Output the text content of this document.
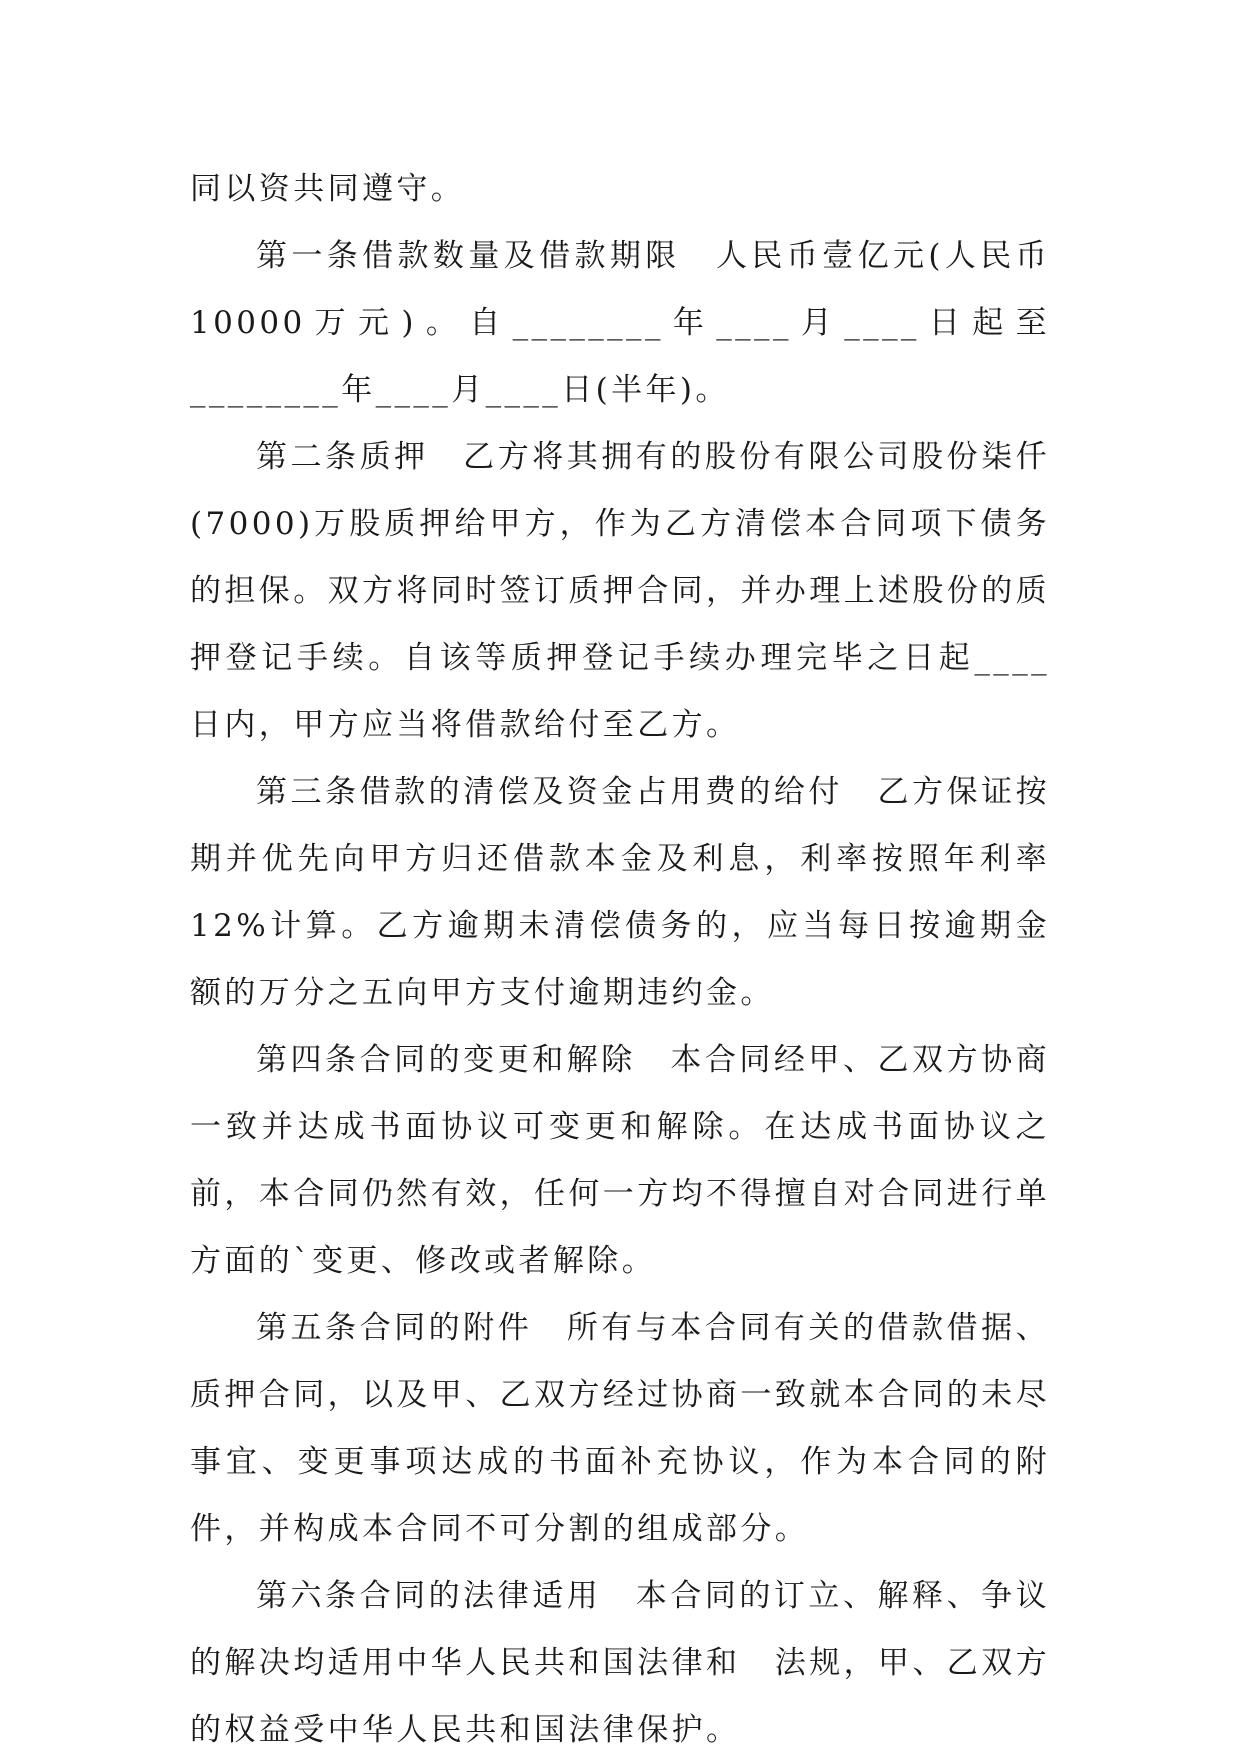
同以资共同遵守。

第一条借款数量及借款期限　人民币壹亿元(人民币10000万元)。自________年____月____日起至________年____月____日(半年)。

第二条质押　乙方将其拥有的股份有限公司股份柒仟(7000)万股质押给甲方，作为乙方清偿本合同项下债务的担保。双方将同时签订质押合同，并办理上述股份的质押登记手续。自该等质押登记手续办理完毕之日起____日内，甲方应当将借款给付至乙方。

第三条借款的清偿及资金占用费的给付　乙方保证按期并优先向甲方归还借款本金及利息，利率按照年利率12%计算。乙方逾期未清偿债务的，应当每日按逾期金额的万分之五向甲方支付逾期违约金。

第四条合同的变更和解除　本合同经甲、乙双方协商一致并达成书面协议可变更和解除。在达成书面协议之前，本合同仍然有效，任何一方均不得擅自对合同进行单方面的`变更、修改或者解除。

第五条合同的附件　所有与本合同有关的借款借据、质押合同，以及甲、乙双方经过协商一致就本合同的未尽事宜、变更事项达成的书面补充协议，作为本合同的附件，并构成本合同不可分割的组成部分。

第六条合同的法律适用　本合同的订立、解释、争议的解决均适用中华人民共和国法律和　法规，甲、乙双方的权益受中华人民共和国法律保护。
